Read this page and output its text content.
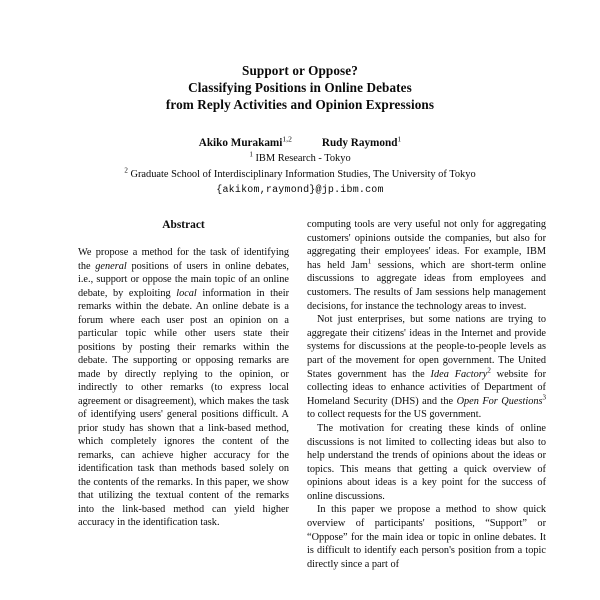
Support or Oppose?
Classifying Positions in Online Debates
from Reply Activities and Opinion Expressions
Akiko Murakami$^{1,2}$	Rudy Raymond$^1$
$^1$ IBM Research - Tokyo
$^2$ Graduate School of Interdisciplinary Information Studies, The University of Tokyo
{akikom,raymond}@jp.ibm.com
Abstract

We propose a method for the task of identifying the general positions of users in online debates, i.e., support or oppose the main topic of an online debate, by exploiting local information in their remarks within the debate. An online debate is a forum where each user post an opinion on a particular topic while other users state their positions by posting their remarks within the debate. The supporting or opposing remarks are made by directly replying to the opinion, or indirectly to other remarks (to express local agreement or disagreement), which makes the task of identifying users' general positions difficult. A prior study has shown that a link-based method, which completely ignores the content of the remarks, can achieve higher accuracy for the identification task than methods based solely on the contents of the remarks. In this paper, we show that utilizing the textual content of the remarks into the link-based method can yield higher accuracy in the identification task.

computing tools are very useful not only for aggregating customers' opinions outside the companies, but also for aggregating their employees' ideas. For example, IBM has held Jam$^1$ sessions, which are short-term online discussions to aggregate ideas from employees and customers. The results of Jam sessions help management decisions, for instance the technology areas to invest.

Not just enterprises, but some nations are trying to aggregate their citizens' ideas in the Internet and provide systems for discussions at the people-to-people levels as part of the movement for open government. The United States government has the Idea Factory$^2$ website for collecting ideas to enhance activities of Department of Homeland Security (DHS) and the Open For Questions$^3$ to collect requests for the US government.

The motivation for creating these kinds of online discussions is not limited to collecting ideas but also to help understand the trends of opinions about the ideas or topics. This means that getting a quick overview of opinions about ideas is a key point for the success of online discussions.

In this paper we propose a method to show quick overview of participants' positions, “Support” or “Oppose” for the main idea or topic in online debates. It is difficult to identify each person's position from a topic directly since a part of
